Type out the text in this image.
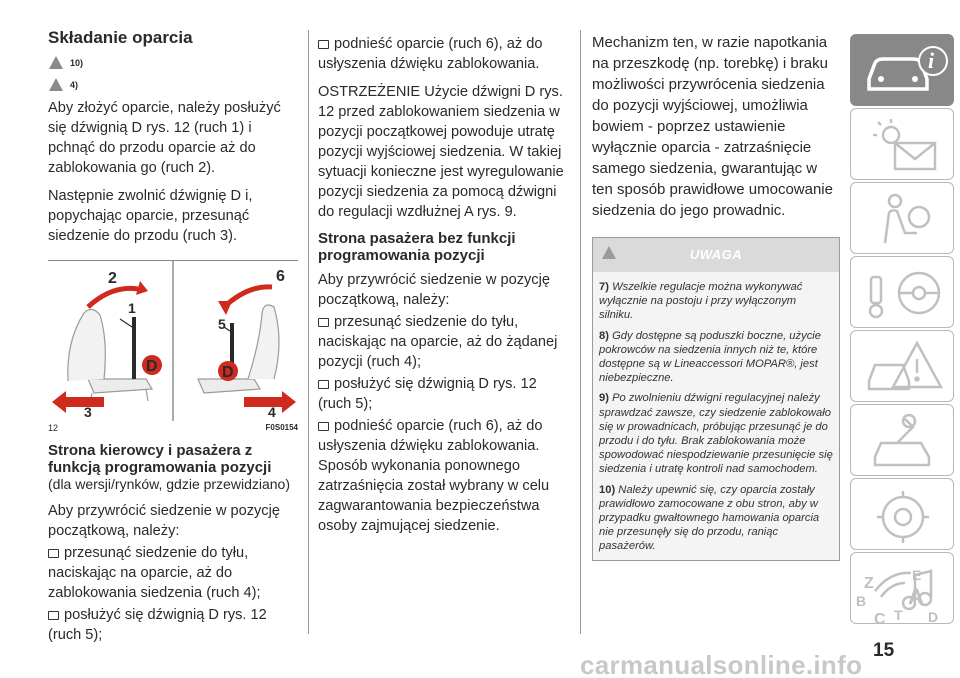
Składanie oparcia
10)
4)

Aby złożyć oparcie, należy posłużyć się dźwignią D rys. 12 (ruch 1) i pchnąć do przodu oparcie aż do zablokowania go (ruch 2).

Następnie zwolnić dźwignię D i, popychając oparcie, przesunąć siedzenie do przodu (ruch 3).

2
1
D
3
6
5
D
4
12	F0S0154
Strona kierowcy i pasażera z funkcją programowania pozycji

(dla wersji/rynków, gdzie przewidziano)

Aby przywrócić siedzenie w pozycję początkową, należy:

przesunąć siedzenie do tyłu, naciskając na oparcie, aż do zablokowania siedzenia (ruch 4);

posłużyć się dźwignią D rys. 12 (ruch 5);

podnieść oparcie (ruch 6), aż do usłyszenia dźwięku zablokowania.

OSTRZEŻENIE Użycie dźwigni D rys. 12 przed zablokowaniem siedzenia w pozycji początkowej powoduje utratę pozycji wyjściowej siedzenia. W takiej sytuacji konieczne jest wyregulowanie pozycji siedzenia za pomocą dźwigni do regulacji wzdłużnej A rys. 9.

Strona pasażera bez funkcji programowania pozycji

Aby przywrócić siedzenie w pozycję początkową, należy:

przesunąć siedzenie do tyłu, naciskając na oparcie, aż do żądanej pozycji (ruch 4);

posłużyć się dźwignią D rys. 12 (ruch 5);

podnieść oparcie (ruch 6), aż do usłyszenia dźwięku zablokowania.

Sposób wykonania ponownego zatrzaśnięcia został wybrany w celu zagwarantowania bezpieczeństwa osoby zajmującej siedzenie.

Mechanizm ten, w razie napotkania na przeszkodę (np. torebkę) i braku możliwości przywrócenia siedzenia do pozycji wyjściowej, umożliwia bowiem - poprzez ustawienie wyłącznie oparcia - zatrzaśnięcie samego siedzenia, gwarantując w ten sposób prawidłowe umocowanie siedzenia do jego prowadnic.

UWAGA

7) Wszelkie regulacje można wykonywać wyłącznie na postoju i przy wyłączonym silniku.

8) Gdy dostępne są poduszki boczne, użycie pokrowców na siedzenia innych niż te, które dostępne są w Lineaccessori MOPAR®, jest niebezpieczne.

9) Po zwolnieniu dźwigni regulacyjnej należy sprawdzać zawsze, czy siedzenie zablokowało się w prowadnicach, próbując przesunąć je do przodu i do tyłu. Brak zablokowania może spowodować niespodziewanie przesunięcie się siedzenia i utratę kontroli nad samochodem.

10) Należy upewnić się, czy oparcia zostały prawidłowo zamocowane z obu stron, aby w przypadku gwałtownego hamowania oparcia nie przesunęły się do przodu, raniąc pasażerów.

i
Z	E
B A
C T D
15
carmanualsonline.info
